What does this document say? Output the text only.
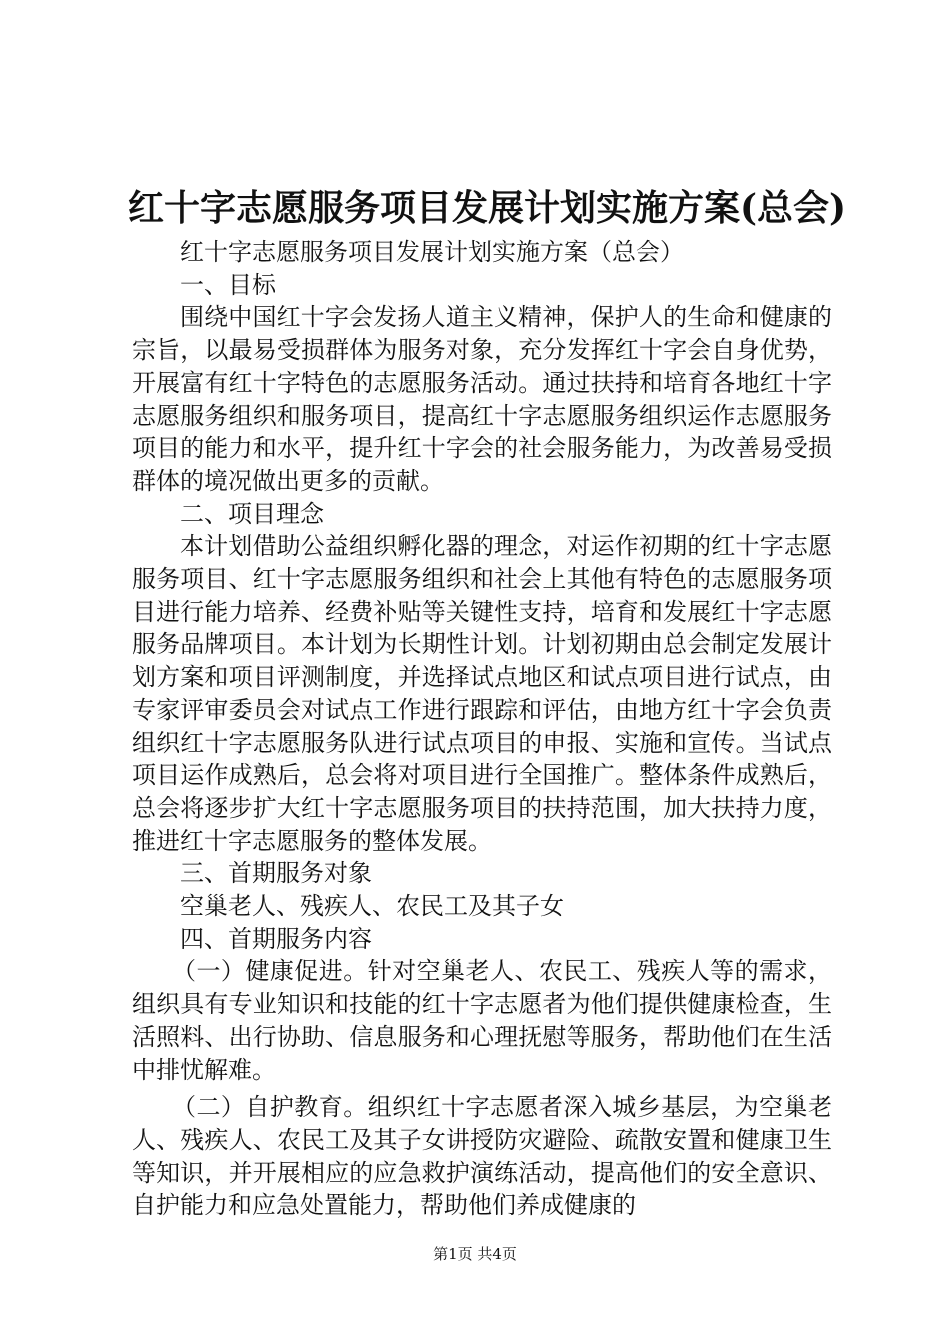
红十字志愿服务项目发展计划实施方案(总会)

红十字志愿服务项目发展计划实施方案（总会）

一、目标

围绕中国红十字会发扬人道主义精神，保护人的生命和健康的宗旨，以最易受损群体为服务对象，充分发挥红十字会自身优势，开展富有红十字特色的志愿服务活动。通过扶持和培育各地红十字志愿服务组织和服务项目，提高红十字志愿服务组织运作志愿服务项目的能力和水平，提升红十字会的社会服务能力，为改善易受损群体的境况做出更多的贡献。

二、项目理念

本计划借助公益组织孵化器的理念，对运作初期的红十字志愿服务项目、红十字志愿服务组织和社会上其他有特色的志愿服务项目进行能力培养、经费补贴等关键性支持，培育和发展红十字志愿服务品牌项目。本计划为长期性计划。计划初期由总会制定发展计划方案和项目评测制度，并选择试点地区和试点项目进行试点，由专家评审委员会对试点工作进行跟踪和评估，由地方红十字会负责组织红十字志愿服务队进行试点项目的申报、实施和宣传。当试点项目运作成熟后，总会将对项目进行全国推广。整体条件成熟后，总会将逐步扩大红十字志愿服务项目的扶持范围，加大扶持力度，推进红十字志愿服务的整体发展。

三、首期服务对象

空巢老人、残疾人、农民工及其子女

四、首期服务内容

（一）健康促进。针对空巢老人、农民工、残疾人等的需求，组织具有专业知识和技能的红十字志愿者为他们提供健康检查，生活照料、出行协助、信息服务和心理抚慰等服务，帮助他们在生活中排忧解难。

（二）自护教育。组织红十字志愿者深入城乡基层，为空巢老人、残疾人、农民工及其子女讲授防灾避险、疏散安置和健康卫生等知识，并开展相应的应急救护演练活动，提高他们的安全意识、自护能力和应急处置能力，帮助他们养成健康的

第1页 共4页
